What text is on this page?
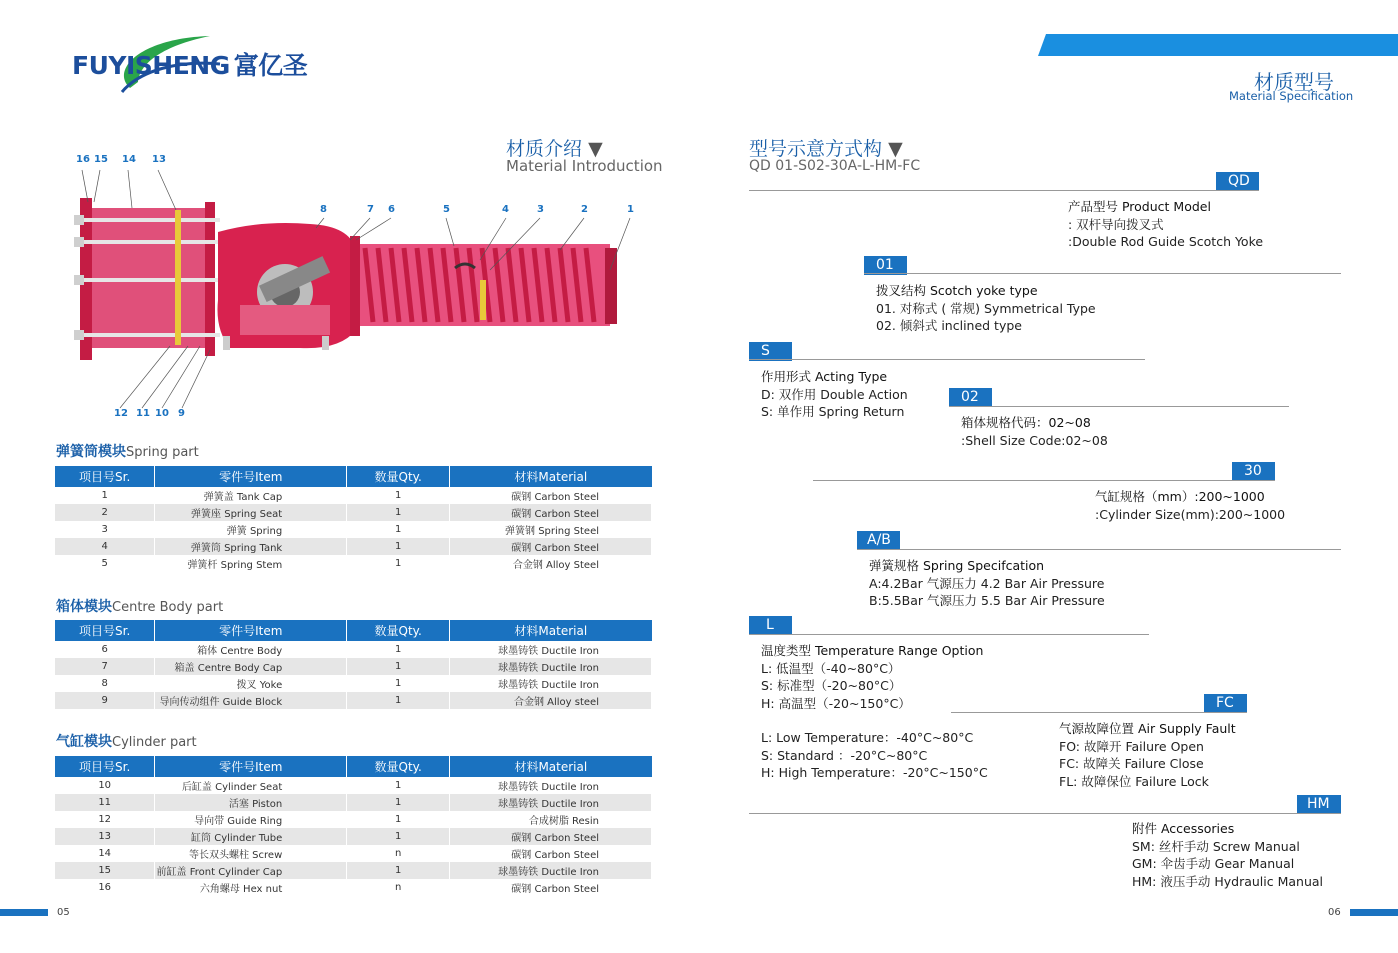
FUYISHENG 富亿圣
材质型号
Material Specification
材质介绍 ▼
Material Introduction
16 15 14 13
8	7 6	5	4	3	2	1
12 11 10 9
弹簧筒模块Spring part
项目号Sr.	零件号Item	数量Qty.	材料Material
1	弹簧盖 Tank Cap	1	碳钢 Carbon Steel
2	弹簧座 Spring Seat	1	碳钢 Carbon Steel
3	弹簧 Spring	1	弹簧钢 Spring Steel
4	弹簧筒 Spring Tank	1	碳钢 Carbon Steel
5	弹簧杆 Spring Stem	1	合金钢 Alloy Steel
箱体模块Centre Body part
项目号Sr.	零件号Item	数量Qty.	材料Material
6	箱体 Centre Body	1	球墨铸铁 Ductile Iron
7	箱盖 Centre Body Cap	1	球墨铸铁 Ductile Iron
8	拨叉 Yoke	1	球墨铸铁 Ductile Iron
9	导向传动组件 Guide Block	1	合金钢 Alloy steel
气缸模块Cylinder part
项目号Sr.	零件号Item	数量Qty.	材料Material
10	后缸盖 Cylinder Seat	1	球墨铸铁 Ductile Iron
11	活塞 Piston	1	球墨铸铁 Ductile Iron
12	导向带 Guide Ring	1	合成树脂 Resin
13	缸筒 Cylinder Tube	1	碳钢 Carbon Steel
14	等长双头螺柱 Screw	n	碳钢 Carbon Steel
15	前缸盖 Front Cylinder Cap	1	球墨铸铁 Ductile Iron
16	六角螺母 Hex nut	n	碳钢 Carbon Steel
型号示意方式构 ▼
QD 01-S02-30A-L-HM-FC
QD
产品型号 Product Model
: 双杆导向拨叉式
:Double Rod Guide Scotch Yoke
01
拨叉结构 Scotch yoke type
01. 对称式 ( 常规) Symmetrical Type
02. 倾斜式 inclined type
S
作用形式 Acting Type
D: 双作用 Double Action
S: 单作用 Spring Return
02
箱体规格代码：02~08
:Shell Size Code:02~08
30
气缸规格（mm）:200~1000
:Cylinder Size(mm):200~1000
A/B
弹簧规格 Spring Specifcation
A:4.2Bar 气源压力 4.2 Bar Air Pressure
B:5.5Bar 气源压力 5.5 Bar Air Pressure
L
温度类型 Temperature Range Option
L: 低温型（-40~80°C）
S: 标准型（-20~80°C）
H: 高温型（-20~150°C）
L: Low Temperature：-40°C~80°C
S: Standard ：-20°C~80°C
H: High Temperature：-20°C~150°C
FC
气源故障位置 Air Supply Fault
FO: 故障开 Failure Open
FC: 故障关 Failure Close
FL: 故障保位 Failure Lock
HM
附件 Accessories
SM: 丝杆手动 Screw Manual
GM: 伞齿手动 Gear Manual
HM: 液压手动 Hydraulic Manual
05	06
